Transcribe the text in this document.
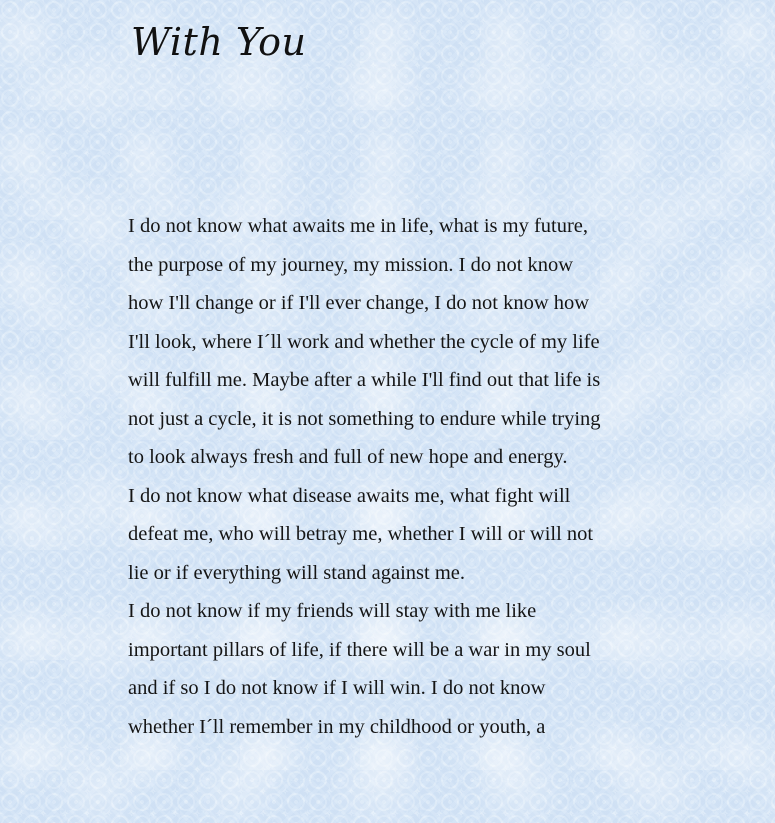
With You
I do not know what awaits me in life, what is my future,
the purpose of my journey, my mission. I do not know
how I'll change or if I'll ever change, I do not know how
I'll look, where I´ll work and whether the cycle of my life
will fulfill me. Maybe after a while I'll find out that life is
not just a cycle, it is not something to endure while trying
to look always fresh and full of new hope and energy.
I do not know what disease awaits me, what fight will
defeat me, who will betray me, whether I will or will not
lie or if everything will stand against me.
I do not know if my friends will stay with me like
important pillars of life, if there will be a war in my soul
and if so I do not know if I will win. I do not know
whether I´ll remember in my childhood or youth, a
